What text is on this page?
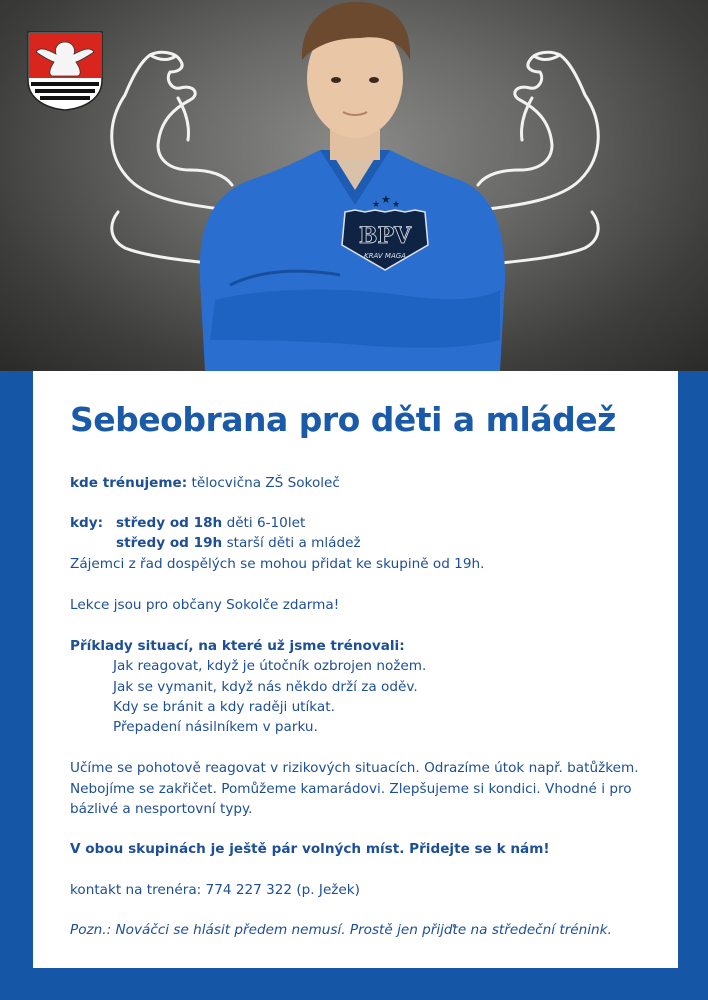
BPV
KRAV MAGA
★ ★ ★
Sebeobrana pro děti a mládež
kde trénujeme: tělocvična ZŠ Sokoleč
kdy: středy od 18h děti 6-10let
středy od 19h starší děti a mládež
Zájemci z řad dospělých se mohou přidat ke skupině od 19h.
Lekce jsou pro občany Sokolče zdarma!
Příklady situací, na které už jsme trénovali:
Jak reagovat, když je útočník ozbrojen nožem.
Jak se vymanit, když nás někdo drží za oděv.
Kdy se bránit a kdy raději utíkat.
Přepadení násilníkem v parku.
Učíme se pohotově reagovat v rizikových situacích. Odrazíme útok např. batůžkem.
Nebojíme se zakřičet. Pomůžeme kamarádovi. Zlepšujeme si kondici. Vhodné i pro
bázlivé a nesportovní typy.
V obou skupinách je ještě pár volných míst. Přidejte se k nám!
kontakt na trenéra: 774 227 322 (p. Ježek)
Pozn.: Nováčci se hlásit předem nemusí. Prostě jen přijďte na středeční trénink.
